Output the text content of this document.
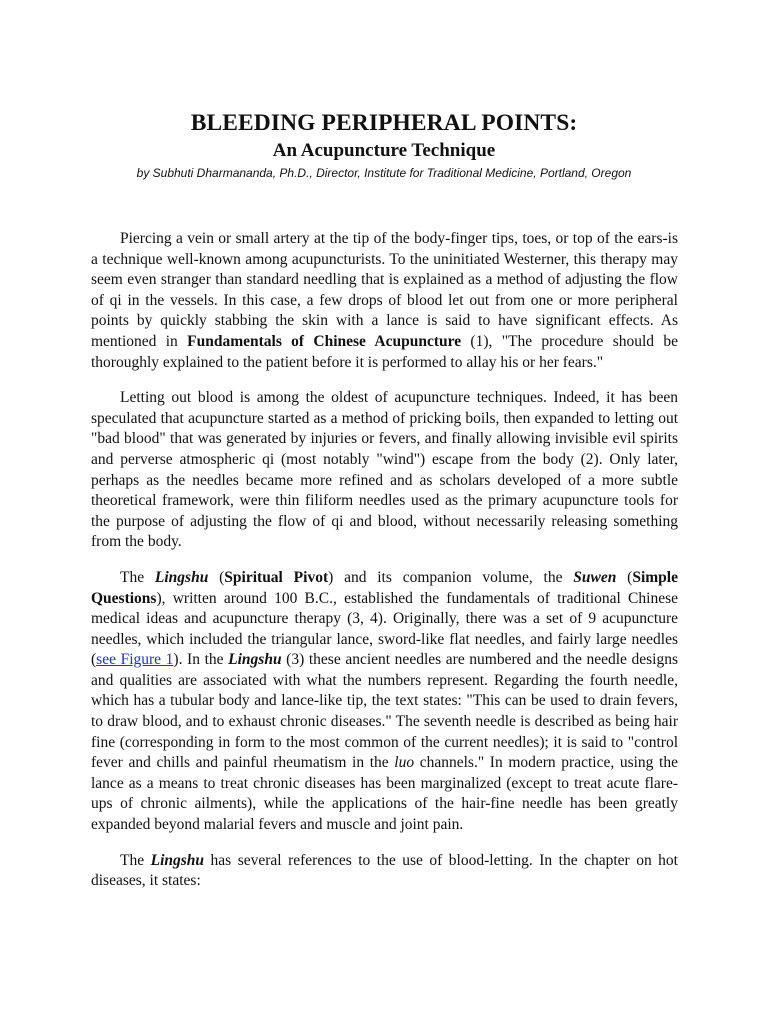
BLEEDING PERIPHERAL POINTS:
An Acupuncture Technique
by Subhuti Dharmananda, Ph.D., Director, Institute for Traditional Medicine, Portland, Oregon

Piercing a vein or small artery at the tip of the body-finger tips, toes, or top of the ears-is a technique well-known among acupuncturists. To the uninitiated Westerner, this therapy may seem even stranger than standard needling that is explained as a method of adjusting the flow of qi in the vessels. In this case, a few drops of blood let out from one or more peripheral points by quickly stabbing the skin with a lance is said to have significant effects. As mentioned in Fundamentals of Chinese Acupuncture (1), "The procedure should be thoroughly explained to the patient before it is performed to allay his or her fears."

Letting out blood is among the oldest of acupuncture techniques. Indeed, it has been speculated that acupuncture started as a method of pricking boils, then expanded to letting out "bad blood" that was generated by injuries or fevers, and finally allowing invisible evil spirits and perverse atmospheric qi (most notably "wind") escape from the body (2). Only later, perhaps as the needles became more refined and as scholars developed of a more subtle theoretical framework, were thin filiform needles used as the primary acupuncture tools for the purpose of adjusting the flow of qi and blood, without necessarily releasing something from the body.

The Lingshu (Spiritual Pivot) and its companion volume, the Suwen (Simple Questions), written around 100 B.C., established the fundamentals of traditional Chinese medical ideas and acupuncture therapy (3, 4). Originally, there was a set of 9 acupuncture needles, which included the triangular lance, sword-like flat needles, and fairly large needles (see Figure 1). In the Lingshu (3) these ancient needles are numbered and the needle designs and qualities are associated with what the numbers represent. Regarding the fourth needle, which has a tubular body and lance-like tip, the text states: "This can be used to drain fevers, to draw blood, and to exhaust chronic diseases." The seventh needle is described as being hair fine (corresponding in form to the most common of the current needles); it is said to "control fever and chills and painful rheumatism in the luo channels." In modern practice, using the lance as a means to treat chronic diseases has been marginalized (except to treat acute flare-ups of chronic ailments), while the applications of the hair-fine needle has been greatly expanded beyond malarial fevers and muscle and joint pain.

The Lingshu has several references to the use of blood-letting. In the chapter on hot diseases, it states:
